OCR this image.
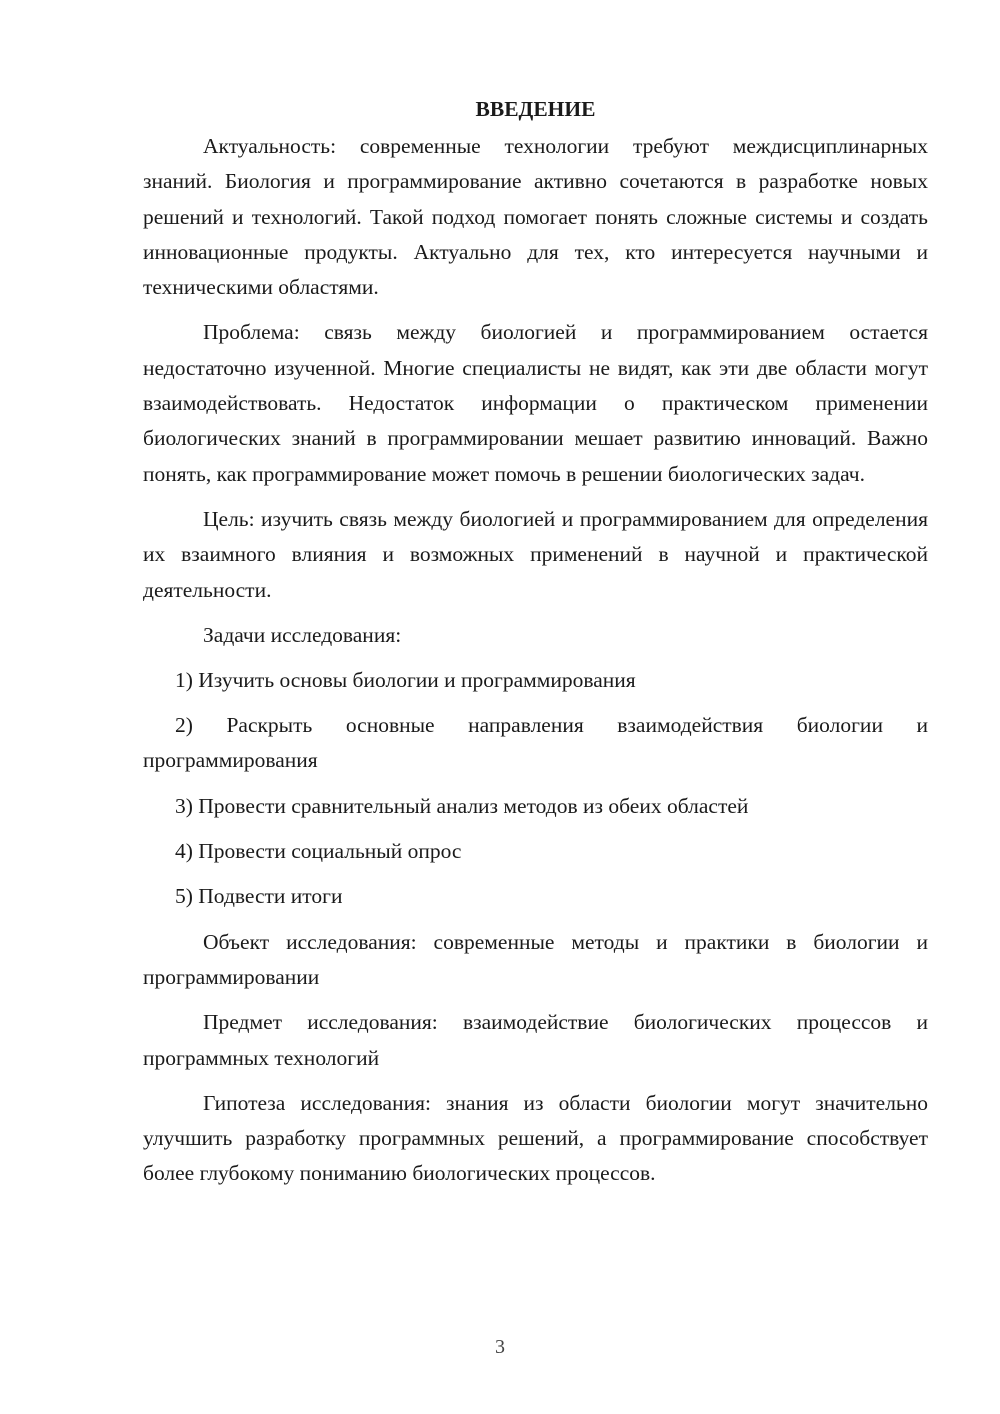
ВВЕДЕНИЕ

Актуальность: современные технологии требуют междисциплинарных знаний. Биология и программирование активно сочетаются в разработке новых решений и технологий. Такой подход помогает понять сложные системы и создать инновационные продукты. Актуально для тех, кто интересуется научными и техническими областями.

Проблема: связь между биологией и программированием остается недостаточно изученной. Многие специалисты не видят, как эти две области могут взаимодействовать. Недостаток информации о практическом применении биологических знаний в программировании мешает развитию инноваций. Важно понять, как программирование может помочь в решении биологических задач.

Цель: изучить связь между биологией и программированием для определения их взаимного влияния и возможных применений в научной и практической деятельности.

Задачи исследования:

1) Изучить основы биологии и программирования

2) Раскрыть основные направления взаимодействия биологии и программирования

3) Провести сравнительный анализ методов из обеих областей

4) Провести социальный опрос

5) Подвести итоги

Объект исследования: современные методы и практики в биологии и программировании

Предмет исследования: взаимодействие биологических процессов и программных технологий

Гипотеза исследования: знания из области биологии могут значительно улучшить разработку программных решений, а программирование способствует более глубокому пониманию биологических процессов.

3
